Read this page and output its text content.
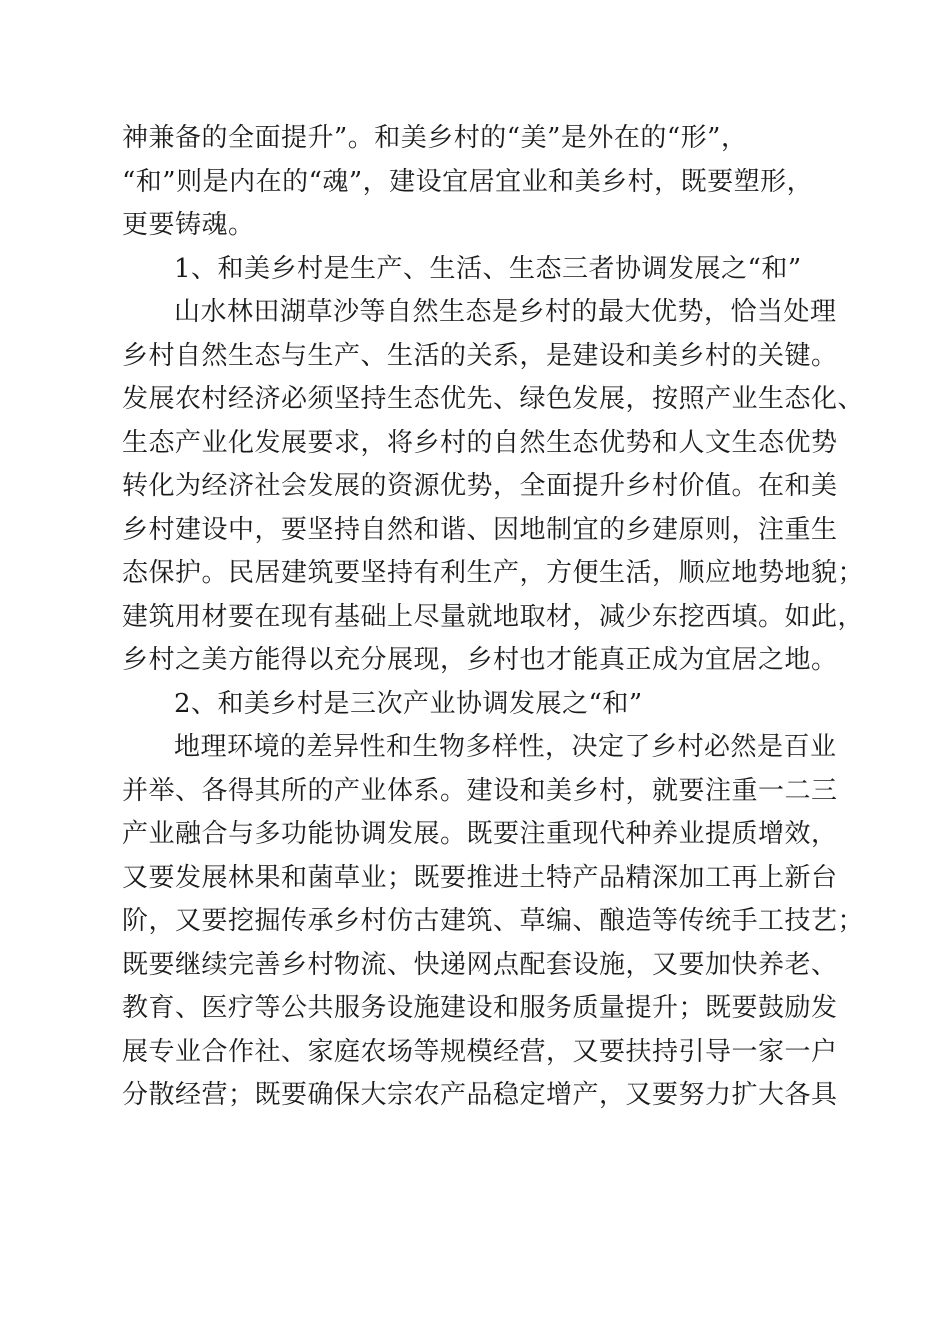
神兼备的全面提升”。和美乡村的“美”是外在的“形”，
“和”则是内在的“魂”，建设宜居宜业和美乡村，既要塑形，
更要铸魂。
1、和美乡村是生产、生活、生态三者协调发展之“和”
山水林田湖草沙等自然生态是乡村的最大优势，恰当处理
乡村自然生态与生产、生活的关系，是建设和美乡村的关键。
发展农村经济必须坚持生态优先、绿色发展，按照产业生态化、
生态产业化发展要求，将乡村的自然生态优势和人文生态优势
转化为经济社会发展的资源优势，全面提升乡村价值。在和美
乡村建设中，要坚持自然和谐、因地制宜的乡建原则，注重生
态保护。民居建筑要坚持有利生产，方便生活，顺应地势地貌；
建筑用材要在现有基础上尽量就地取材，减少东挖西填。如此，
乡村之美方能得以充分展现，乡村也才能真正成为宜居之地。
2、和美乡村是三次产业协调发展之“和”
地理环境的差异性和生物多样性，决定了乡村必然是百业
并举、各得其所的产业体系。建设和美乡村，就要注重一二三
产业融合与多功能协调发展。既要注重现代种养业提质增效，
又要发展林果和菌草业；既要推进土特产品精深加工再上新台
阶，又要挖掘传承乡村仿古建筑、草编、酿造等传统手工技艺；
既要继续完善乡村物流、快递网点配套设施，又要加快养老、
教育、医疗等公共服务设施建设和服务质量提升；既要鼓励发
展专业合作社、家庭农场等规模经营，又要扶持引导一家一户
分散经营；既要确保大宗农产品稳定增产，又要努力扩大各具
